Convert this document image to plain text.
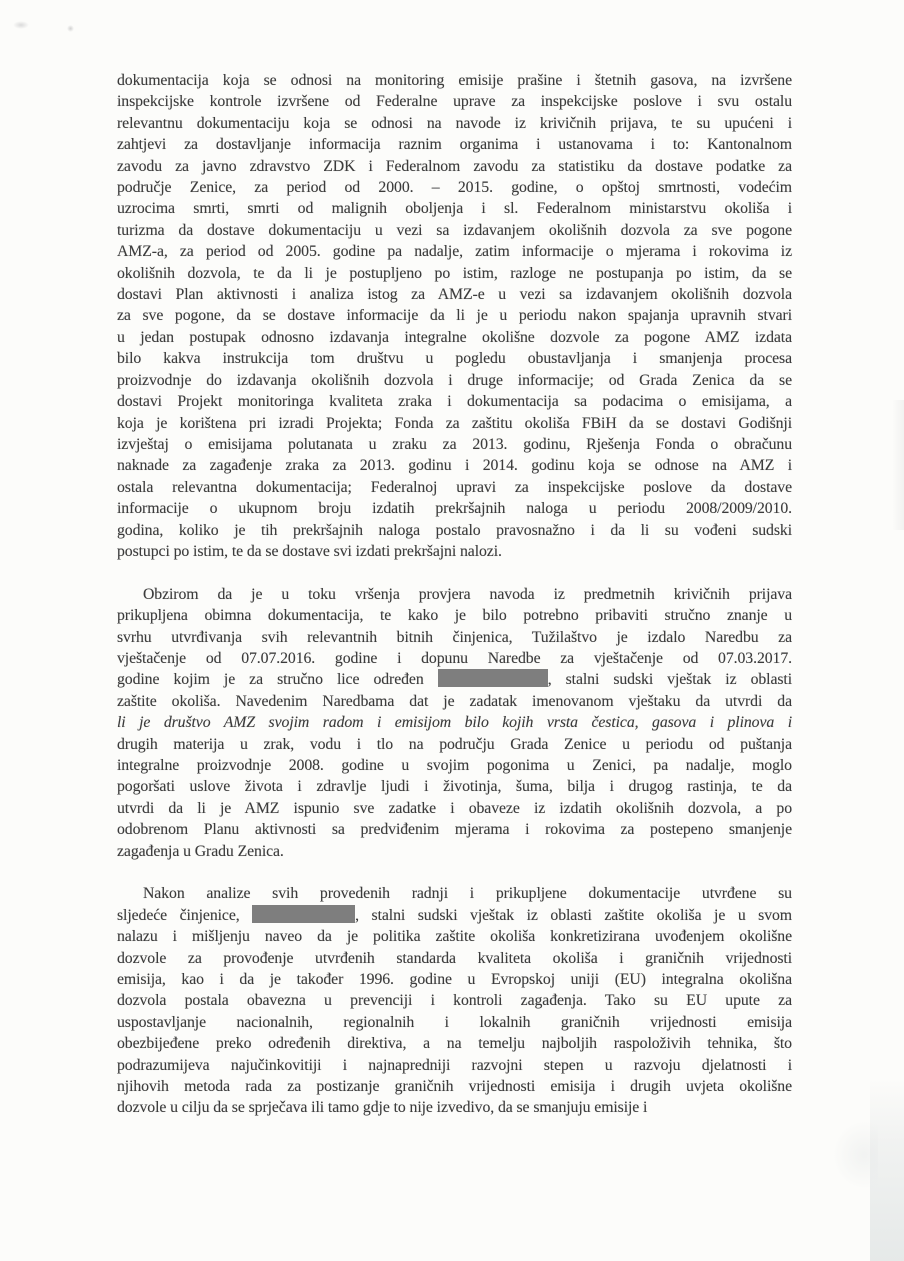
dokumentacija koja se odnosi na monitoring emisije prašine i štetnih gasova, na izvršene
inspekcijske kontrole izvršene od Federalne uprave za inspekcijske poslove i svu ostalu
relevantnu dokumentaciju koja se odnosi na navode iz krivičnih prijava, te su upućeni i
zahtjevi za dostavljanje informacija raznim organima i ustanovama i to: Kantonalnom
zavodu za javno zdravstvo ZDK i Federalnom zavodu za statistiku da dostave podatke za
područje Zenice, za period od 2000. – 2015. godine, o opštoj smrtnosti, vodećim
uzrocima smrti, smrti od malignih oboljenja i sl. Federalnom ministarstvu okoliša i
turizma da dostave dokumentaciju u vezi sa izdavanjem okolišnih dozvola za sve pogone
AMZ-a, za period od 2005. godine pa nadalje, zatim informacije o mjerama i rokovima iz
okolišnih dozvola, te da li je postupljeno po istim, razloge ne postupanja po istim, da se
dostavi Plan aktivnosti i analiza istog za AMZ-e u vezi sa izdavanjem okolišnih dozvola
za sve pogone, da se dostave informacije da li je u periodu nakon spajanja upravnih stvari
u jedan postupak odnosno izdavanja integralne okolišne dozvole za pogone AMZ izdata
bilo kakva instrukcija tom društvu u pogledu obustavljanja i smanjenja procesa
proizvodnje do izdavanja okolišnih dozvola i druge informacije; od Grada Zenica da se
dostavi Projekt monitoringa kvaliteta zraka i dokumentacija sa podacima o emisijama, a
koja je korištena pri izradi Projekta; Fonda za zaštitu okoliša FBiH da se dostavi Godišnji
izvještaj o emisijama polutanata u zraku za 2013. godinu, Rješenja Fonda o obračunu
naknade za zagađenje zraka za 2013. godinu i 2014. godinu koja se odnose na AMZ i
ostala relevantna dokumentacija; Federalnoj upravi za inspekcijske poslove da dostave
informacije o ukupnom broju izdatih prekršajnih naloga u periodu 2008/2009/2010.
godina, koliko je tih prekršajnih naloga postalo pravosnažno i da li su vođeni sudski
postupci po istim, te da se dostave svi izdati prekršajni nalozi.
Obzirom da je u toku vršenja provjera navoda iz predmetnih krivičnih prijava
prikupljena obimna dokumentacija, te kako je bilo potrebno pribaviti stručno znanje u
svrhu utvrđivanja svih relevantnih bitnih činjenica, Tužilaštvo je izdalo Naredbu za
vještačenje od 07.07.2016. godine i dopunu Naredbe za vještačenje od 07.03.2017.
godine kojim je za stručno lice određen	, stalni sudski vještak iz oblasti
zaštite okoliša. Navedenim Naredbama dat je zadatak imenovanom vještaku da utvrdi da
li je društvo AMZ svojim radom i emisijom bilo kojih vrsta čestica, gasova i plinova i
drugih materija u zrak, vodu i tlo na području Grada Zenice u periodu od puštanja
integralne proizvodnje 2008. godine u svojim pogonima u Zenici, pa nadalje, moglo
pogoršati uslove života i zdravlje ljudi i životinja, šuma, bilja i drugog rastinja, te da
utvrdi da li je AMZ ispunio sve zadatke i obaveze iz izdatih okolišnih dozvola, a po
odobrenom Planu aktivnosti sa predviđenim mjerama i rokovima za postepeno smanjenje
zagađenja u Gradu Zenica.
Nakon analize svih provedenih radnji i prikupljene dokumentacije utvrđene su
sljedeće činjenice,	, stalni sudski vještak iz oblasti zaštite okoliša je u svom
nalazu i mišljenju naveo da je politika zaštite okoliša konkretizirana uvođenjem okolišne
dozvole za provođenje utvrđenih standarda kvaliteta okoliša i graničnih vrijednosti
emisija, kao i da je također 1996. godine u Evropskoj uniji (EU) integralna okolišna
dozvola postala obavezna u prevenciji i kontroli zagađenja. Tako su EU upute za
uspostavljanje nacionalnih, regionalnih i lokalnih graničnih vrijednosti emisija
obezbijeđene preko određenih direktiva, a na temelju najboljih raspoloživih tehnika, što
podrazumijeva najučinkovitiji i najnapredniji razvojni stepen u razvoju djelatnosti i
njihovih metoda rada za postizanje graničnih vrijednosti emisija i drugih uvjeta okolišne
dozvole u cilju da se sprječava ili tamo gdje to nije izvedivo, da se smanjuju emisije i
